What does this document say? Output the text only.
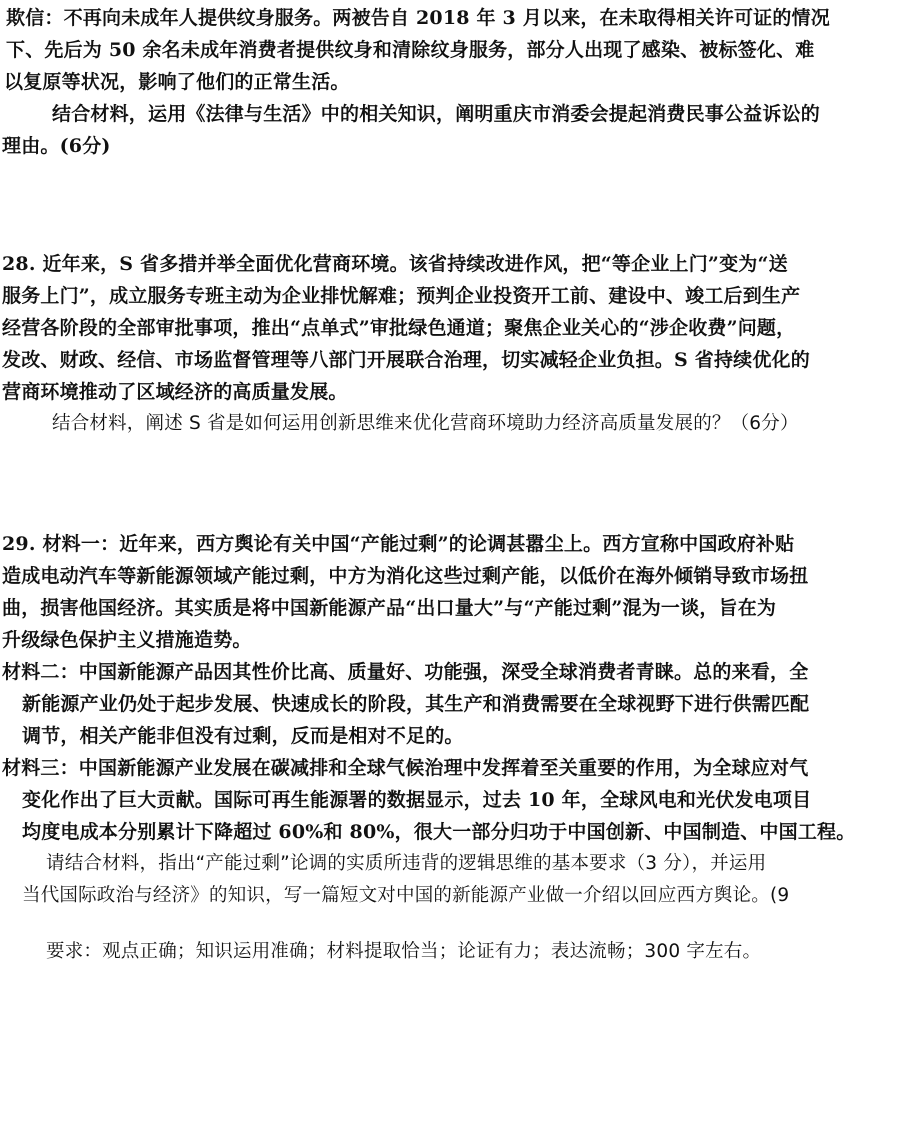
欺信：不再向未成年人提供纹身服务。两被告自 2018 年 3 月以来，在未取得相关许可证的情况

下、先后为 50 余名未成年消费者提供纹身和清除纹身服务，部分人出现了感染、被标签化、难

以复原等状况，影响了他们的正常生活。

结合材料，运用《法律与生活》中的相关知识，阐明重庆市消委会提起消费民事公益诉讼的

理由。(6分)

28. 近年来，S 省多措并举全面优化营商环境。该省持续改进作风，把“等企业上门”变为“送

服务上门”，成立服务专班主动为企业排忧解难；预判企业投资开工前、建设中、竣工后到生产

经营各阶段的全部审批事项，推出“点单式”审批绿色通道；聚焦企业关心的“涉企收费”问题，

发改、财政、经信、市场监督管理等八部门开展联合治理，切实减轻企业负担。S 省持续优化的

营商环境推动了区域经济的高质量发展。

结合材料，阐述 S 省是如何运用创新思维来优化营商环境助力经济高质量发展的？（6分）

29. 材料一：近年来，西方舆论有关中国“产能过剩”的论调甚嚣尘上。西方宣称中国政府补贴

造成电动汽车等新能源领域产能过剩，中方为消化这些过剩产能，以低价在海外倾销导致市场扭

曲，损害他国经济。其实质是将中国新能源产品“出口量大”与“产能过剩”混为一谈，旨在为

升级绿色保护主义措施造势。

材料二：中国新能源产品因其性价比高、质量好、功能强，深受全球消费者青睐。总的来看，全

新能源产业仍处于起步发展、快速成长的阶段，其生产和消费需要在全球视野下进行供需匹配

调节，相关产能非但没有过剩，反而是相对不足的。

材料三：中国新能源产业发展在碳减排和全球气候治理中发挥着至关重要的作用，为全球应对气

变化作出了巨大贡献。国际可再生能源署的数据显示，过去 10 年，全球风电和光伏发电项目

均度电成本分别累计下降超过 60%和 80%，很大一部分归功于中国创新、中国制造、中国工程。

请结合材料，指出“产能过剩”论调的实质所违背的逻辑思维的基本要求（3 分），并运用

当代国际政治与经济》的知识，写一篇短文对中国的新能源产业做一介绍以回应西方舆论。(9

要求：观点正确；知识运用准确；材料提取恰当；论证有力；表达流畅；300 字左右。
